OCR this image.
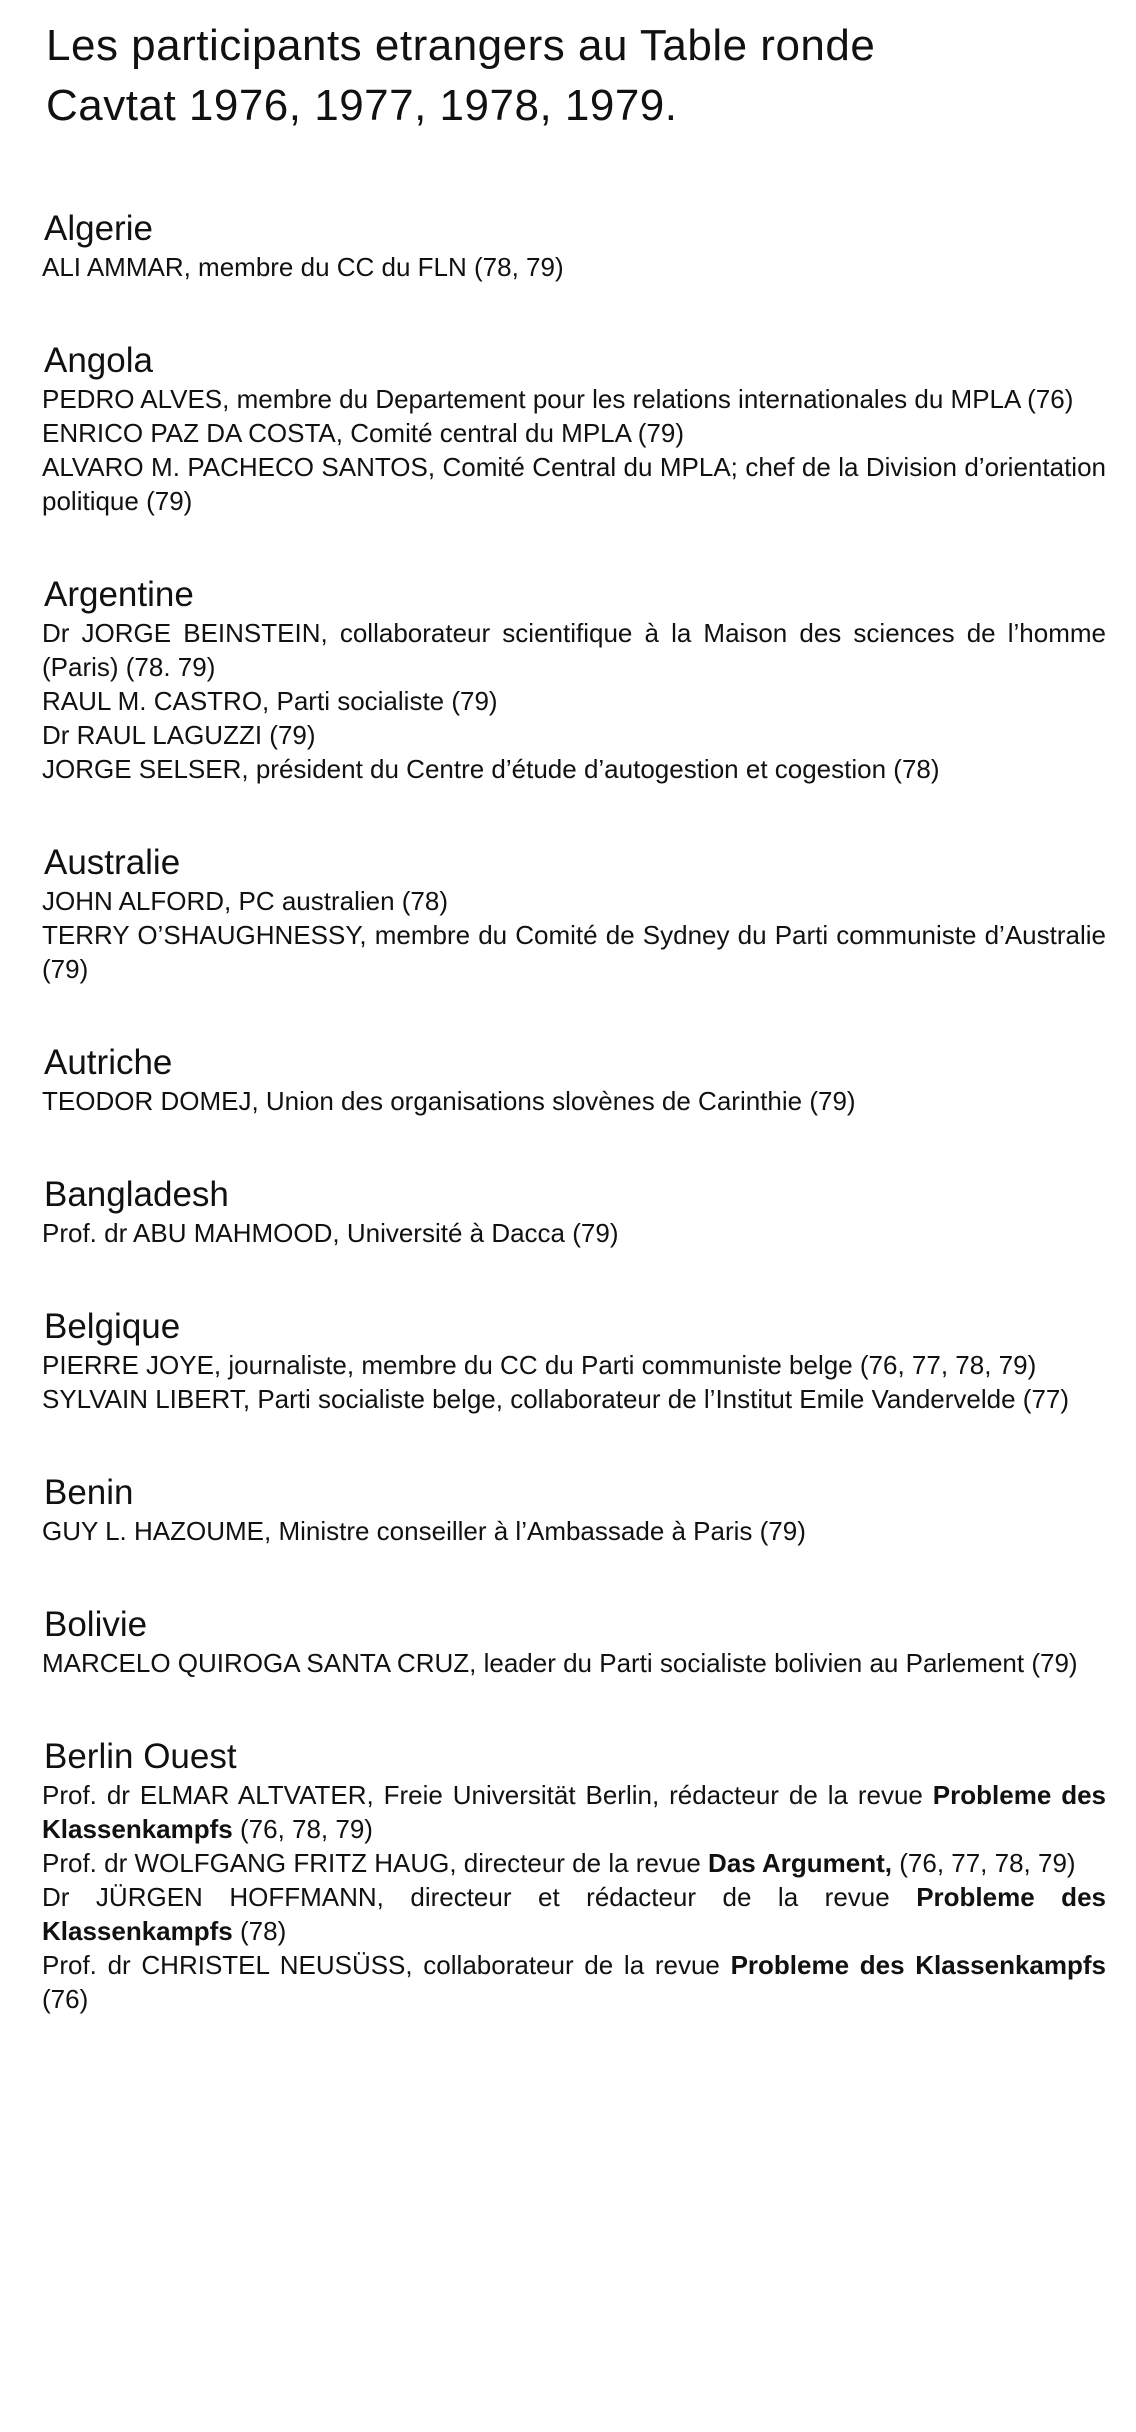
Les participants etrangers au Table ronde
Cavtat 1976, 1977, 1978, 1979.
Algerie

ALI AMMAR, membre du CC du FLN (78, 79)

Angola

PEDRO ALVES, membre du Departement pour les relations internationales du MPLA (76)

ENRICO PAZ DA COSTA, Comité central du MPLA (79)

ALVARO M. PACHECO SANTOS, Comité Central du MPLA; chef de la Division d’orientation politique (79)

Argentine

Dr JORGE BEINSTEIN, collaborateur scientifique à la Maison des sciences de l’homme (Paris) (78. 79)

RAUL M. CASTRO, Parti socialiste (79)

Dr RAUL LAGUZZI (79)

JORGE SELSER, président du Centre d’étude d’autogestion et cogestion (78)

Australie

JOHN ALFORD, PC australien (78)

TERRY O’SHAUGHNESSY, membre du Comité de Sydney du Parti communiste d’Australie (79)

Autriche

TEODOR DOMEJ, Union des organisations slovènes de Carinthie (79)

Bangladesh

Prof. dr ABU MAHMOOD, Université à Dacca (79)

Belgique

PIERRE JOYE, journaliste, membre du CC du Parti communiste belge (76, 77, 78, 79)

SYLVAIN LIBERT, Parti socialiste belge, collaborateur de l’Institut Emile Vandervelde (77)

Benin

GUY L. HAZOUME, Ministre conseiller à l’Ambassade à Paris (79)

Bolivie

MARCELO QUIROGA SANTA CRUZ, leader du Parti socialiste bolivien au Parlement (79)

Berlin Ouest

Prof. dr ELMAR ALTVATER, Freie Universität Berlin, rédacteur de la revue Probleme des Klassenkampfs (76, 78, 79)

Prof. dr WOLFGANG FRITZ HAUG, directeur de la revue Das Argument, (76, 77, 78, 79)

Dr JÜRGEN HOFFMANN, directeur et rédacteur de la revue Probleme des Klassenkampfs (78)

Prof. dr CHRISTEL NEUSÜSS, collaborateur de la revue Probleme des Klassenkampfs (76)
